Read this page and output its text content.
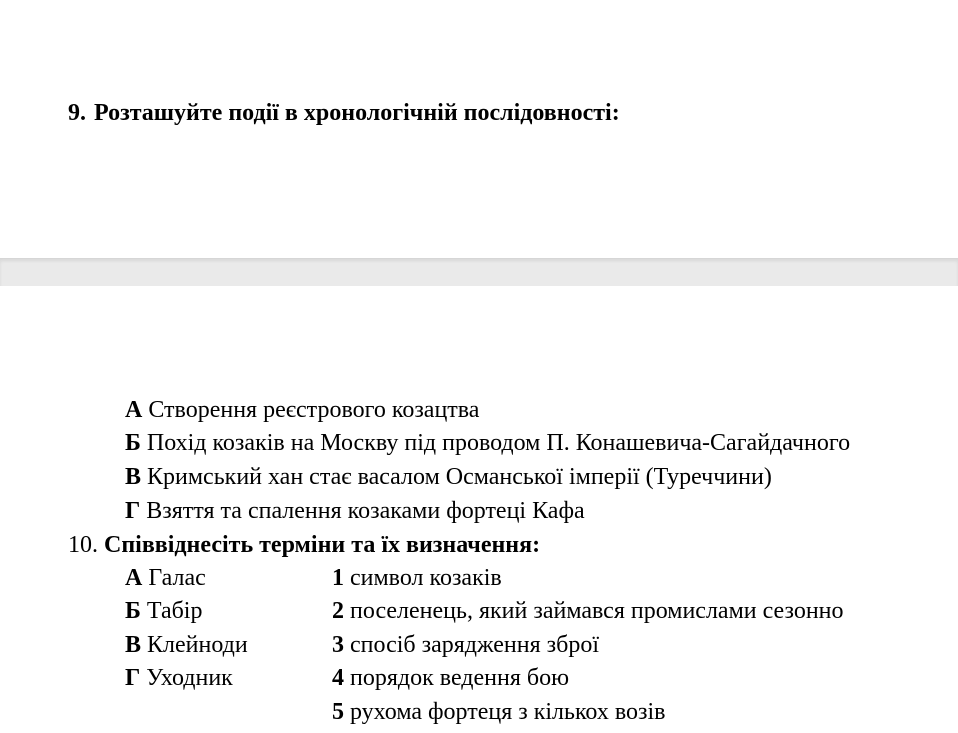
9. Розташуйте події в хронологічній послідовності:
А Створення реєстрового козацтва
Б Похід козаків на Москву під проводом П. Конашевича-Сагайдачного
В Кримський хан стає васалом Османської імперії (Туреччини)
Г Взяття та спалення козаками фортеці Кафа
10. Співвіднесіть терміни та їх визначення:
А Галас
Б Табір
В Клейноди
Г Уходник
1 символ козаків
2 поселенець, який займався промислами сезонно
3 спосіб зарядження зброї
4 порядок ведення бою
5 рухома фортеця з кількох возів
